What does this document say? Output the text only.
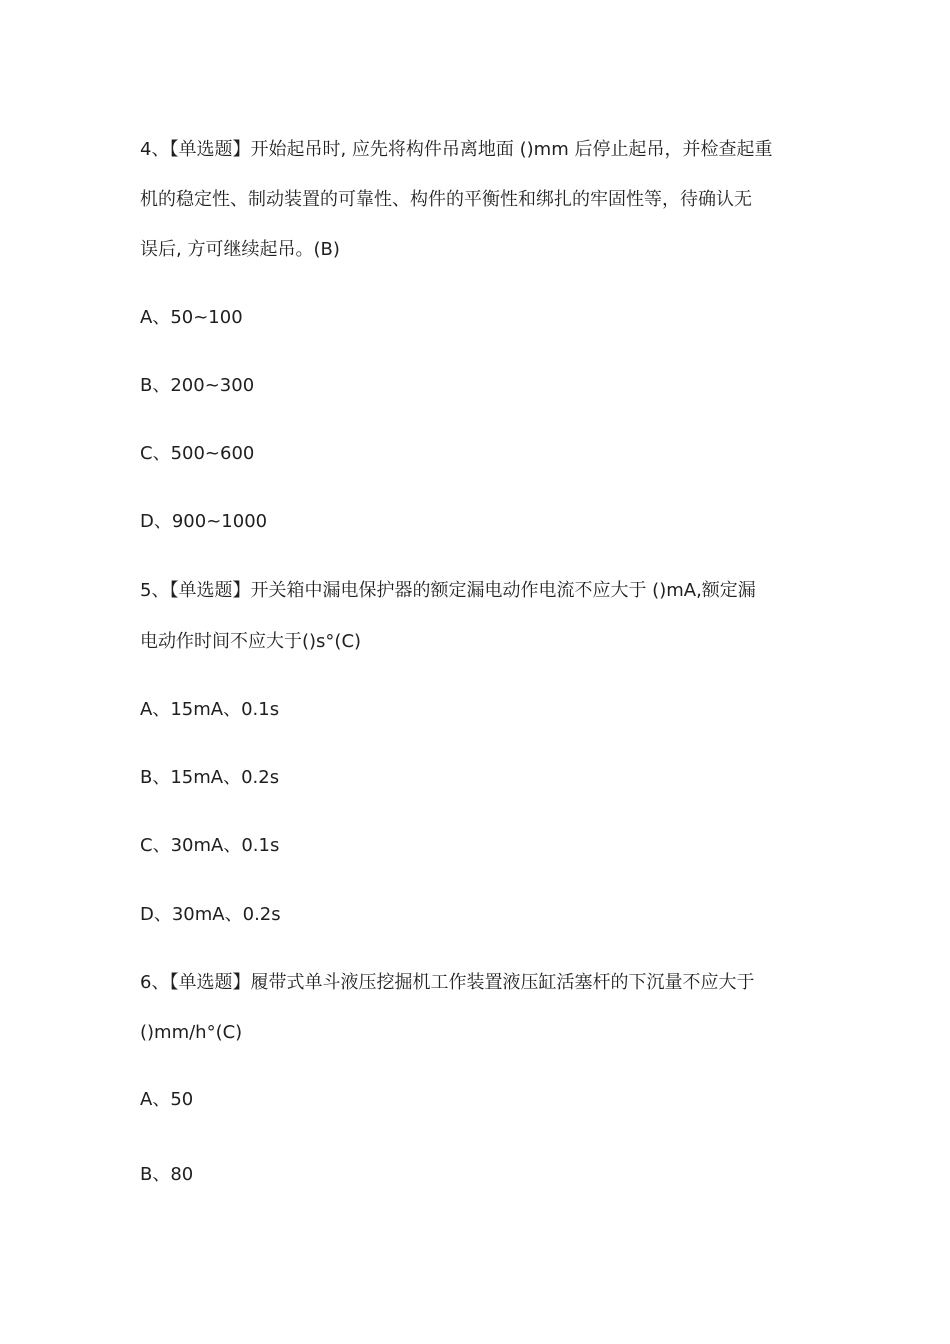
4、【单选题】开始起吊时, 应先将构件吊离地面 ()mm 后停止起吊，并检查起重
机的稳定性、制动装置的可靠性、构件的平衡性和绑扎的牢固性等，待确认无
误后, 方可继续起吊。(B)
A、50~100
B、200~300
C、500~600
D、900~1000
5、【单选题】开关箱中漏电保护器的额定漏电动作电流不应大于 ()mA,额定漏
电动作时间不应大于()s°(C)
A、15mA、0.1s
B、15mA、0.2s
C、30mA、0.1s
D、30mA、0.2s
6、【单选题】履带式单斗液压挖掘机工作装置液压缸活塞杆的下沉量不应大于
()mm/h°(C)
A、50
B、80
